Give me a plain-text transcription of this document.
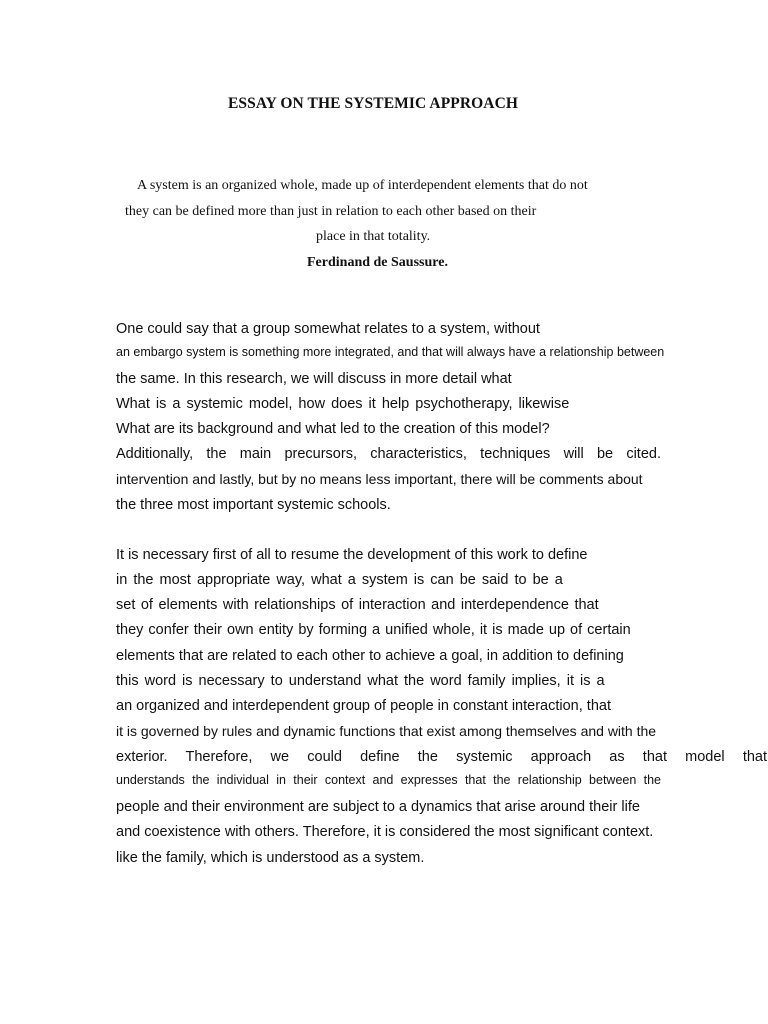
ESSAY ON THE SYSTEMIC APPROACH
A system is an organized whole, made up of interdependent elements that do not
they can be defined more than just in relation to each other based on their
place in that totality.
Ferdinand de Saussure.
One could say that a group somewhat relates to a system, without
an embargo system is something more integrated, and that will always have a relationship between
the same. In this research, we will discuss in more detail what
What is a systemic model, how does it help psychotherapy, likewise
What are its background and what led to the creation of this model?
Additionally, the main precursors, characteristics, techniques will be cited.
intervention and lastly, but by no means less important, there will be comments about
the three most important systemic schools.
It is necessary first of all to resume the development of this work to define
in the most appropriate way, what a system is can be said to be a
set of elements with relationships of interaction and interdependence that
they confer their own entity by forming a unified whole, it is made up of certain
elements that are related to each other to achieve a goal, in addition to defining
this word is necessary to understand what the word family implies, it is a
an organized and interdependent group of people in constant interaction, that
it is governed by rules and dynamic functions that exist among themselves and with the
exterior. Therefore, we could define the systemic approach as that model that
understands the individual in their context and expresses that the relationship between the
people and their environment are subject to a dynamics that arise around their life
and coexistence with others. Therefore, it is considered the most significant context.
like the family, which is understood as a system.
